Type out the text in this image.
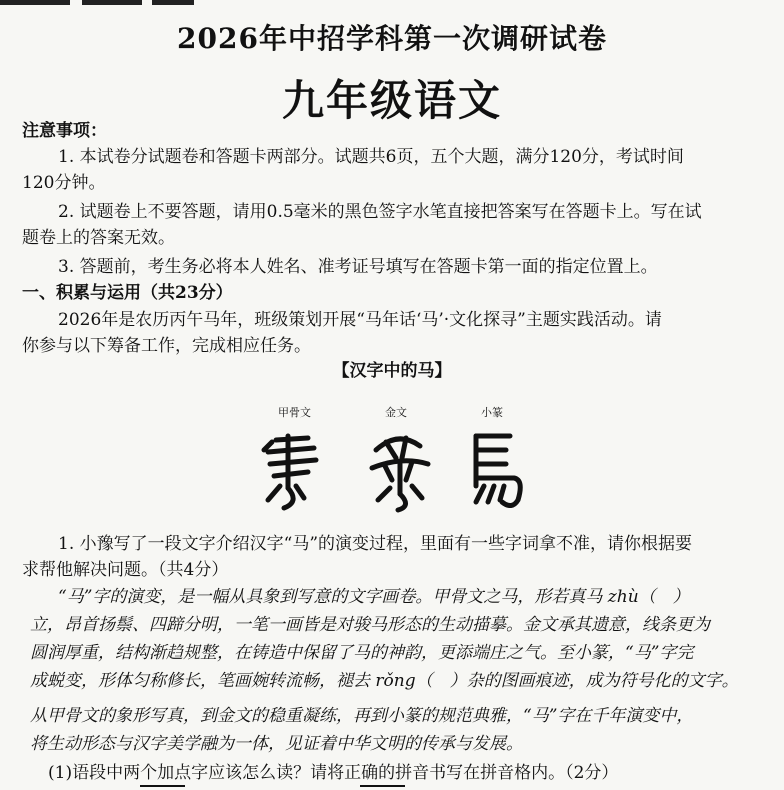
2026年中招学科第一次调研试卷
九年级语文
注意事项：
1. 本试卷分试题卷和答题卡两部分。试题共6页，五个大题，满分120分，考试时间
120分钟。
2. 试题卷上不要答题，请用0.5毫米的黑色签字水笔直接把答案写在答题卡上。写在试
题卷上的答案无效。
3. 答题前，考生务必将本人姓名、准考证号填写在答题卡第一面的指定位置上。
一、积累与运用（共23分）
2026年是农历丙午马年，班级策划开展“马年话‘马’·文化探寻”主题实践活动。请
你参与以下筹备工作，完成相应任务。
【汉字中的马】
甲骨文	金文	小篆
1. 小豫写了一段文字介绍汉字“马”的演变过程，里面有一些字词拿不准，请你根据要
求帮他解决问题。（共4分）
“马”字的演变，是一幅从具象到写意的文字画卷。甲骨文之马，形若真马 zhù（　）
立，昂首扬鬃、四蹄分明，一笔一画皆是对骏马形态的生动描摹。金文承其遗意，线条更为
圆润厚重，结构渐趋规整，在铸造中保留了马的神韵，更添端庄之气。至小篆，“马”字完
成蜕变，形体匀称修长，笔画婉转流畅，褪去 rǒng（　）杂的图画痕迹，成为符号化的文字。
从甲骨文的象形写真，到金文的稳重凝练，再到小篆的规范典雅，“马”字在千年演变中，
将生动形态与汉字美学融为一体，见证着中华文明的传承与发展。
(1)语段中两个加点字应该怎么读？请将正确的拼音书写在拼音格内。（2分）
